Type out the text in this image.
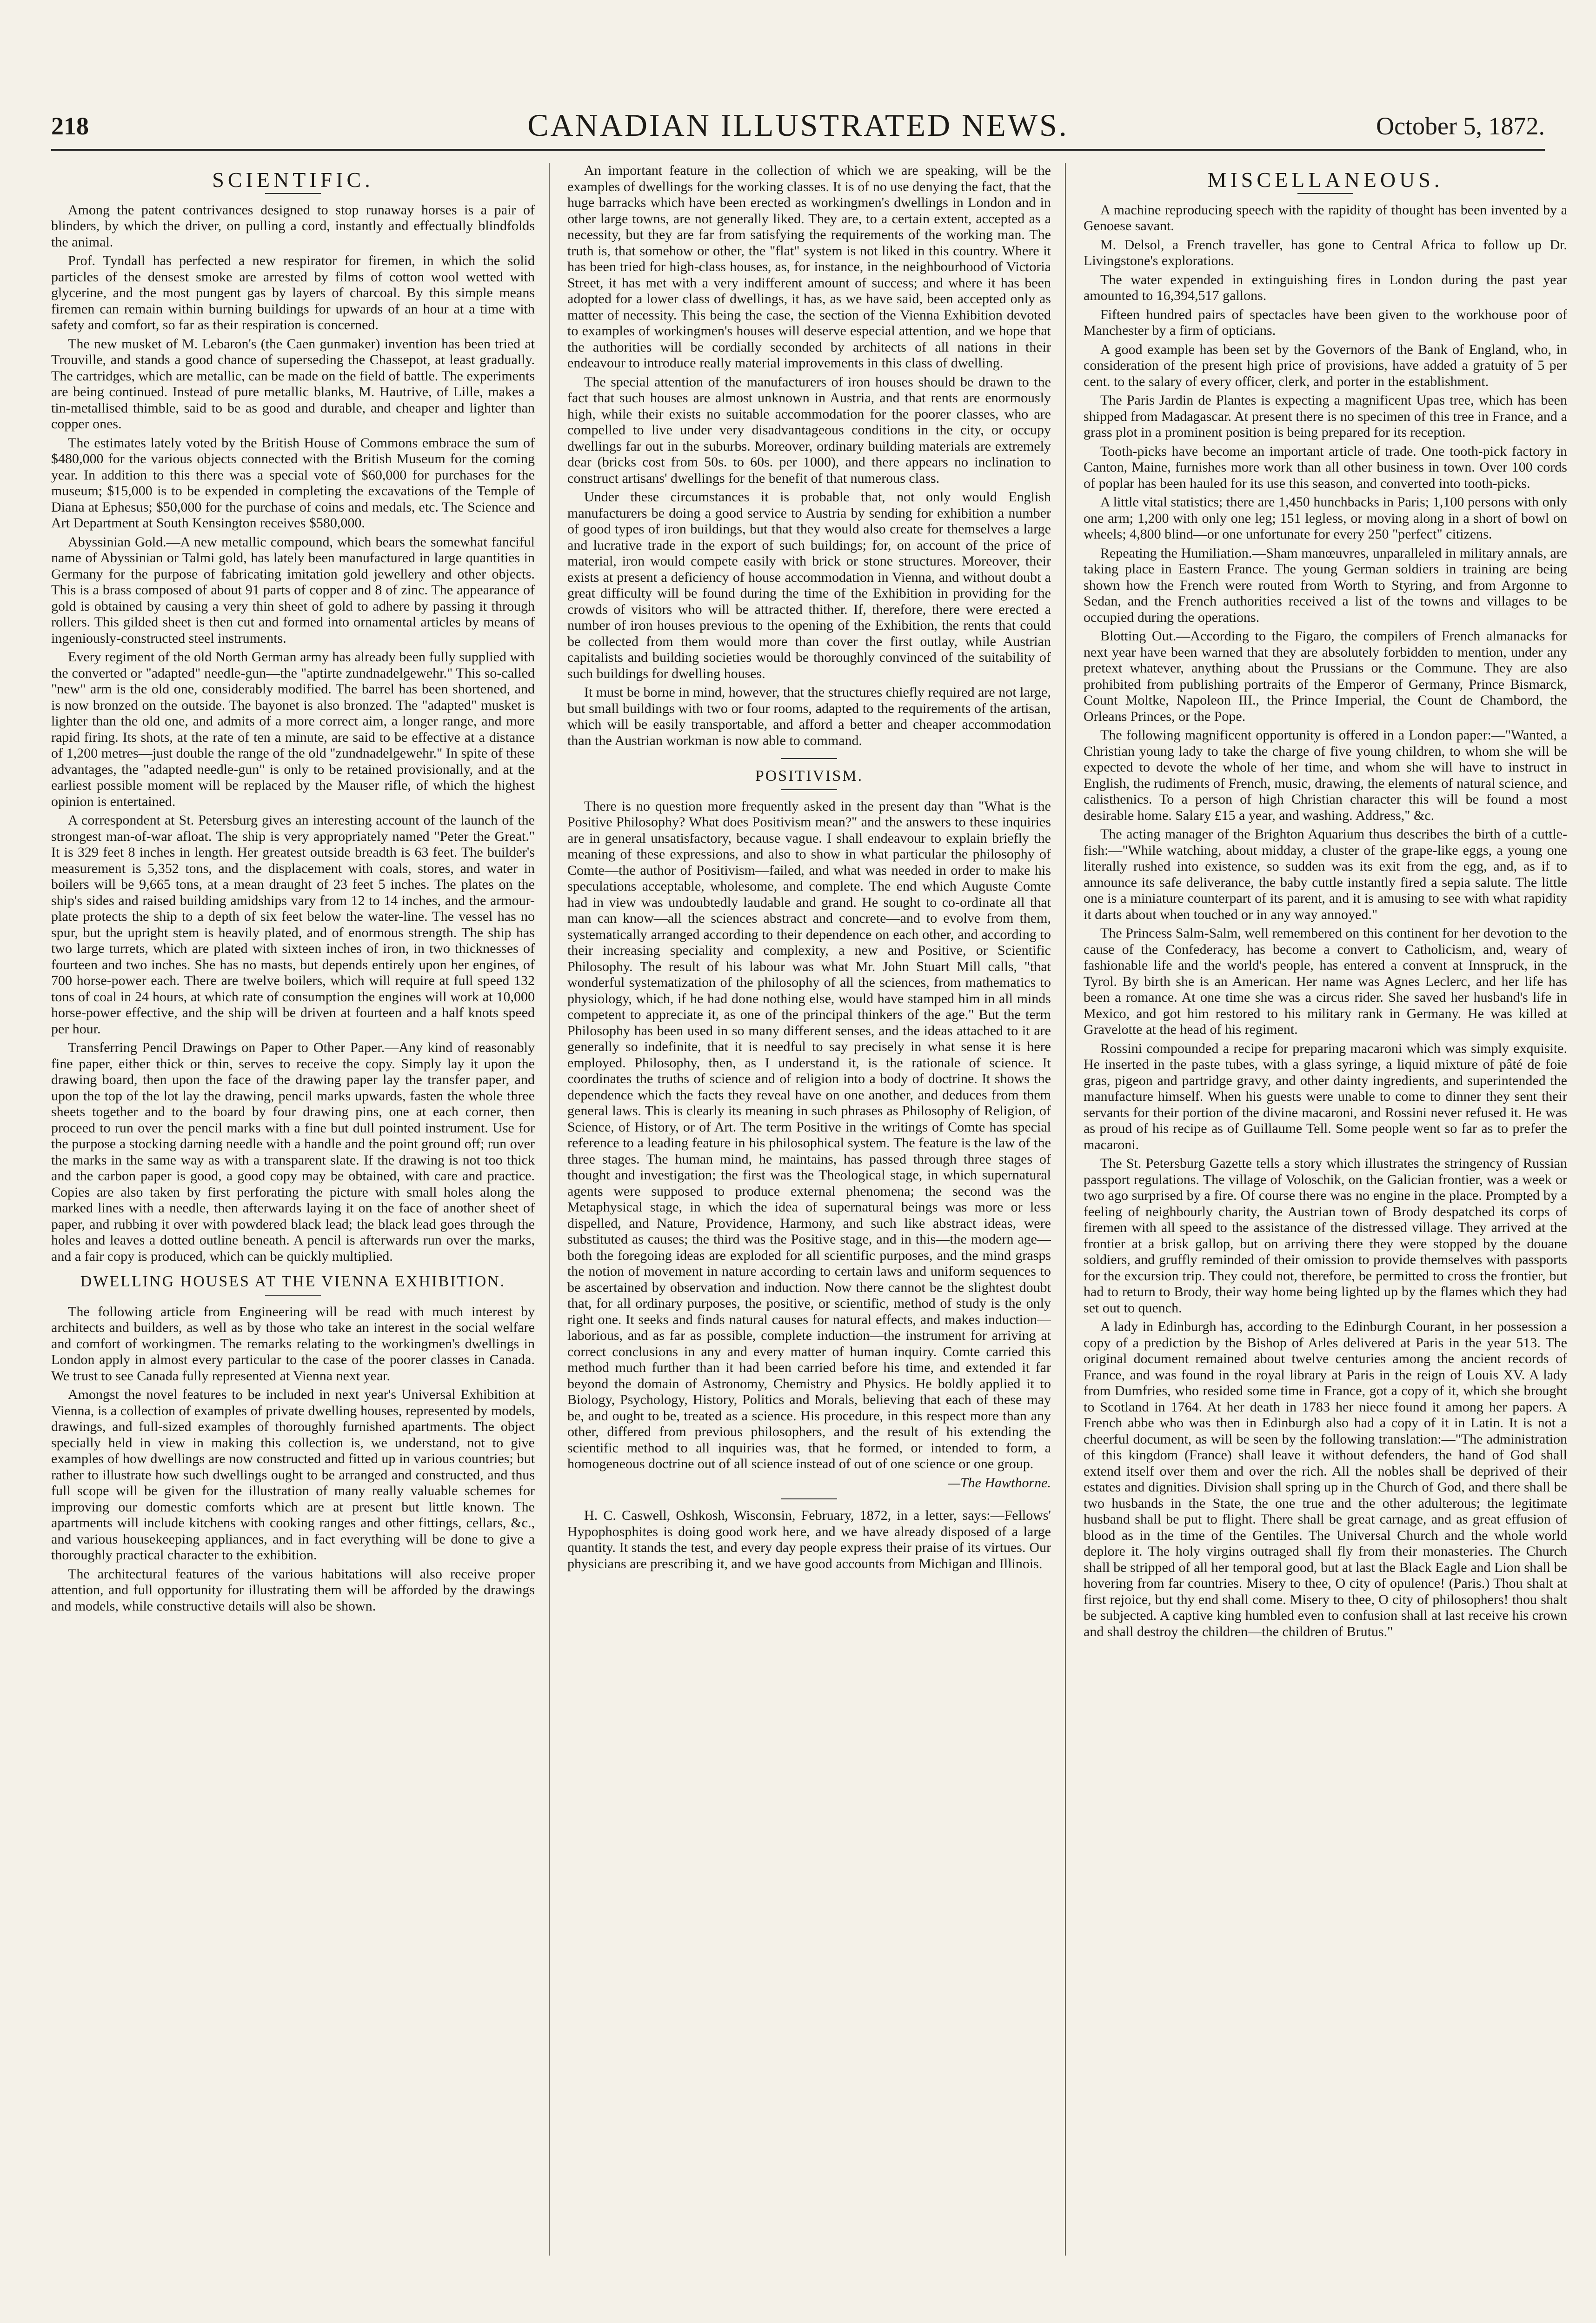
218	CANADIAN ILLUSTRATED NEWS.	October 5, 1872.
SCIENTIFIC.

Among the patent contrivances designed to stop runaway horses is a pair of blinders, by which the driver, on pulling a cord, instantly and effectually blindfolds the animal.

Prof. Tyndall has perfected a new respirator for firemen, in which the solid particles of the densest smoke are arrested by films of cotton wool wetted with glycerine, and the most pungent gas by layers of charcoal. By this simple means firemen can remain within burning buildings for upwards of an hour at a time with safety and comfort, so far as their respiration is concerned.

The new musket of M. Lebaron's (the Caen gunmaker) invention has been tried at Trouville, and stands a good chance of superseding the Chassepot, at least gradually. The cartridges, which are metallic, can be made on the field of battle. The experiments are being continued. Instead of pure metallic blanks, M. Hautrive, of Lille, makes a tin-metallised thimble, said to be as good and durable, and cheaper and lighter than copper ones.

The estimates lately voted by the British House of Commons embrace the sum of $480,000 for the various objects connected with the British Museum for the coming year. In addition to this there was a special vote of $60,000 for purchases for the museum; $15,000 is to be expended in completing the excavations of the Temple of Diana at Ephesus; $50,000 for the purchase of coins and medals, etc. The Science and Art Department at South Kensington receives $580,000.

Abyssinian Gold.—A new metallic compound, which bears the somewhat fanciful name of Abyssinian or Talmi gold, has lately been manufactured in large quantities in Germany for the purpose of fabricating imitation gold jewellery and other objects. This is a brass composed of about 91 parts of copper and 8 of zinc. The appearance of gold is obtained by causing a very thin sheet of gold to adhere by passing it through rollers. This gilded sheet is then cut and formed into ornamental articles by means of ingeniously-constructed steel instruments.

Every regiment of the old North German army has already been fully supplied with the converted or "adapted" needle-gun—the "aptirte zundnadelgewehr." This so-called "new" arm is the old one, considerably modified. The barrel has been shortened, and is now bronzed on the outside. The bayonet is also bronzed. The "adapted" musket is lighter than the old one, and admits of a more correct aim, a longer range, and more rapid firing. Its shots, at the rate of ten a minute, are said to be effective at a distance of 1,200 metres—just double the range of the old "zundnadelgewehr." In spite of these advantages, the "adapted needle-gun" is only to be retained provisionally, and at the earliest possible moment will be replaced by the Mauser rifle, of which the highest opinion is entertained.

A correspondent at St. Petersburg gives an interesting account of the launch of the strongest man-of-war afloat. The ship is very appropriately named "Peter the Great." It is 329 feet 8 inches in length. Her greatest outside breadth is 63 feet. The builder's measurement is 5,352 tons, and the displacement with coals, stores, and water in boilers will be 9,665 tons, at a mean draught of 23 feet 5 inches. The plates on the ship's sides and raised building amidships vary from 12 to 14 inches, and the armour-plate protects the ship to a depth of six feet below the water-line. The vessel has no spur, but the upright stem is heavily plated, and of enormous strength. The ship has two large turrets, which are plated with sixteen inches of iron, in two thicknesses of fourteen and two inches. She has no masts, but depends entirely upon her engines, of 700 horse-power each. There are twelve boilers, which will require at full speed 132 tons of coal in 24 hours, at which rate of consumption the engines will work at 10,000 horse-power effective, and the ship will be driven at fourteen and a half knots speed per hour.

Transferring Pencil Drawings on Paper to Other Paper.—Any kind of reasonably fine paper, either thick or thin, serves to receive the copy. Simply lay it upon the drawing board, then upon the face of the drawing paper lay the transfer paper, and upon the top of the lot lay the drawing, pencil marks upwards, fasten the whole three sheets together and to the board by four drawing pins, one at each corner, then proceed to run over the pencil marks with a fine but dull pointed instrument. Use for the purpose a stocking darning needle with a handle and the point ground off; run over the marks in the same way as with a transparent slate. If the drawing is not too thick and the carbon paper is good, a good copy may be obtained, with care and practice. Copies are also taken by first perforating the picture with small holes along the marked lines with a needle, then afterwards laying it on the face of another sheet of paper, and rubbing it over with powdered black lead; the black lead goes through the holes and leaves a dotted outline beneath. A pencil is afterwards run over the marks, and a fair copy is produced, which can be quickly multiplied.

DWELLING HOUSES AT THE VIENNA EXHIBITION.

The following article from Engineering will be read with much interest by architects and builders, as well as by those who take an interest in the social welfare and comfort of workingmen. The remarks relating to the workingmen's dwellings in London apply in almost every particular to the case of the poorer classes in Canada. We trust to see Canada fully represented at Vienna next year.

Amongst the novel features to be included in next year's Universal Exhibition at Vienna, is a collection of examples of private dwelling houses, represented by models, drawings, and full-sized examples of thoroughly furnished apartments. The object specially held in view in making this collection is, we understand, not to give examples of how dwellings are now constructed and fitted up in various countries; but rather to illustrate how such dwellings ought to be arranged and constructed, and thus full scope will be given for the illustration of many really valuable schemes for improving our domestic comforts which are at present but little known. The apartments will include kitchens with cooking ranges and other fittings, cellars, &c., and various housekeeping appliances, and in fact everything will be done to give a thoroughly practical character to the exhibition.

The architectural features of the various habitations will also receive proper attention, and full opportunity for illustrating them will be afforded by the drawings and models, while constructive details will also be shown.

An important feature in the collection of which we are speaking, will be the examples of dwellings for the working classes. It is of no use denying the fact, that the huge barracks which have been erected as workingmen's dwellings in London and in other large towns, are not generally liked. They are, to a certain extent, accepted as a necessity, but they are far from satisfying the requirements of the working man. The truth is, that somehow or other, the "flat" system is not liked in this country. Where it has been tried for high-class houses, as, for instance, in the neighbourhood of Victoria Street, it has met with a very indifferent amount of success; and where it has been adopted for a lower class of dwellings, it has, as we have said, been accepted only as matter of necessity. This being the case, the section of the Vienna Exhibition devoted to examples of workingmen's houses will deserve especial attention, and we hope that the authorities will be cordially seconded by architects of all nations in their endeavour to introduce really material improvements in this class of dwelling.

The special attention of the manufacturers of iron houses should be drawn to the fact that such houses are almost unknown in Austria, and that rents are enormously high, while their exists no suitable accommodation for the poorer classes, who are compelled to live under very disadvantageous conditions in the city, or occupy dwellings far out in the suburbs. Moreover, ordinary building materials are extremely dear (bricks cost from 50s. to 60s. per 1000), and there appears no inclination to construct artisans' dwellings for the benefit of that numerous class.

Under these circumstances it is probable that, not only would English manufacturers be doing a good service to Austria by sending for exhibition a number of good types of iron buildings, but that they would also create for themselves a large and lucrative trade in the export of such buildings; for, on account of the price of material, iron would compete easily with brick or stone structures. Moreover, their exists at present a deficiency of house accommodation in Vienna, and without doubt a great difficulty will be found during the time of the Exhibition in providing for the crowds of visitors who will be attracted thither. If, therefore, there were erected a number of iron houses previous to the opening of the Exhibition, the rents that could be collected from them would more than cover the first outlay, while Austrian capitalists and building societies would be thoroughly convinced of the suitability of such buildings for dwelling houses.

It must be borne in mind, however, that the structures chiefly required are not large, but small buildings with two or four rooms, adapted to the requirements of the artisan, which will be easily transportable, and afford a better and cheaper accommodation than the Austrian workman is now able to command.

POSITIVISM.

There is no question more frequently asked in the present day than "What is the Positive Philosophy? What does Positivism mean?" and the answers to these inquiries are in general unsatisfactory, because vague. I shall endeavour to explain briefly the meaning of these expressions, and also to show in what particular the philosophy of Comte—the author of Positivism—failed, and what was needed in order to make his speculations acceptable, wholesome, and complete. The end which Auguste Comte had in view was undoubtedly laudable and grand. He sought to co-ordinate all that man can know—all the sciences abstract and concrete—and to evolve from them, systematically arranged according to their dependence on each other, and according to their increasing speciality and complexity, a new and Positive, or Scientific Philosophy. The result of his labour was what Mr. John Stuart Mill calls, "that wonderful systematization of the philosophy of all the sciences, from mathematics to physiology, which, if he had done nothing else, would have stamped him in all minds competent to appreciate it, as one of the principal thinkers of the age." But the term Philosophy has been used in so many different senses, and the ideas attached to it are generally so indefinite, that it is needful to say precisely in what sense it is here employed. Philosophy, then, as I understand it, is the rationale of science. It coordinates the truths of science and of religion into a body of doctrine. It shows the dependence which the facts they reveal have on one another, and deduces from them general laws. This is clearly its meaning in such phrases as Philosophy of Religion, of Science, of History, or of Art. The term Positive in the writings of Comte has special reference to a leading feature in his philosophical system. The feature is the law of the three stages. The human mind, he maintains, has passed through three stages of thought and investigation; the first was the Theological stage, in which supernatural agents were supposed to produce external phenomena; the second was the Metaphysical stage, in which the idea of supernatural beings was more or less dispelled, and Nature, Providence, Harmony, and such like abstract ideas, were substituted as causes; the third was the Positive stage, and in this—the modern age—both the foregoing ideas are exploded for all scientific purposes, and the mind grasps the notion of movement in nature according to certain laws and uniform sequences to be ascertained by observation and induction. Now there cannot be the slightest doubt that, for all ordinary purposes, the positive, or scientific, method of study is the only right one. It seeks and finds natural causes for natural effects, and makes induction—laborious, and as far as possible, complete induction—the instrument for arriving at correct conclusions in any and every matter of human inquiry. Comte carried this method much further than it had been carried before his time, and extended it far beyond the domain of Astronomy, Chemistry and Physics. He boldly applied it to Biology, Psychology, History, Politics and Morals, believing that each of these may be, and ought to be, treated as a science. His procedure, in this respect more than any other, differed from previous philosophers, and the result of his extending the scientific method to all inquiries was, that he formed, or intended to form, a homogeneous doctrine out of all science instead of out of one science or one group.

—The Hawthorne.

H. C. Caswell, Oshkosh, Wisconsin, February, 1872, in a letter, says:—Fellows' Hypophosphites is doing good work here, and we have already disposed of a large quantity. It stands the test, and every day people express their praise of its virtues. Our physicians are prescribing it, and we have good accounts from Michigan and Illinois.

MISCELLANEOUS.

A machine reproducing speech with the rapidity of thought has been invented by a Genoese savant.

M. Delsol, a French traveller, has gone to Central Africa to follow up Dr. Livingstone's explorations.

The water expended in extinguishing fires in London during the past year amounted to 16,394,517 gallons.

Fifteen hundred pairs of spectacles have been given to the workhouse poor of Manchester by a firm of opticians.

A good example has been set by the Governors of the Bank of England, who, in consideration of the present high price of provisions, have added a gratuity of 5 per cent. to the salary of every officer, clerk, and porter in the establishment.

The Paris Jardin de Plantes is expecting a magnificent Upas tree, which has been shipped from Madagascar. At present there is no specimen of this tree in France, and a grass plot in a prominent position is being prepared for its reception.

Tooth-picks have become an important article of trade. One tooth-pick factory in Canton, Maine, furnishes more work than all other business in town. Over 100 cords of poplar has been hauled for its use this season, and converted into tooth-picks.

A little vital statistics; there are 1,450 hunchbacks in Paris; 1,100 persons with only one arm; 1,200 with only one leg; 151 legless, or moving along in a short of bowl on wheels; 4,800 blind—or one unfortunate for every 250 "perfect" citizens.

Repeating the Humiliation.—Sham manœuvres, unparalleled in military annals, are taking place in Eastern France. The young German soldiers in training are being shown how the French were routed from Worth to Styring, and from Argonne to Sedan, and the French authorities received a list of the towns and villages to be occupied during the operations.

Blotting Out.—According to the Figaro, the compilers of French almanacks for next year have been warned that they are absolutely forbidden to mention, under any pretext whatever, anything about the Prussians or the Commune. They are also prohibited from publishing portraits of the Emperor of Germany, Prince Bismarck, Count Moltke, Napoleon III., the Prince Imperial, the Count de Chambord, the Orleans Princes, or the Pope.

The following magnificent opportunity is offered in a London paper:—"Wanted, a Christian young lady to take the charge of five young children, to whom she will be expected to devote the whole of her time, and whom she will have to instruct in English, the rudiments of French, music, drawing, the elements of natural science, and calisthenics. To a person of high Christian character this will be found a most desirable home. Salary £15 a year, and washing. Address," &c.

The acting manager of the Brighton Aquarium thus describes the birth of a cuttle-fish:—"While watching, about midday, a cluster of the grape-like eggs, a young one literally rushed into existence, so sudden was its exit from the egg, and, as if to announce its safe deliverance, the baby cuttle instantly fired a sepia salute. The little one is a miniature counterpart of its parent, and it is amusing to see with what rapidity it darts about when touched or in any way annoyed."

The Princess Salm-Salm, well remembered on this continent for her devotion to the cause of the Confederacy, has become a convert to Catholicism, and, weary of fashionable life and the world's people, has entered a convent at Innspruck, in the Tyrol. By birth she is an American. Her name was Agnes Leclerc, and her life has been a romance. At one time she was a circus rider. She saved her husband's life in Mexico, and got him restored to his military rank in Germany. He was killed at Gravelotte at the head of his regiment.

Rossini compounded a recipe for preparing macaroni which was simply exquisite. He inserted in the paste tubes, with a glass syringe, a liquid mixture of pâté de foie gras, pigeon and partridge gravy, and other dainty ingredients, and superintended the manufacture himself. When his guests were unable to come to dinner they sent their servants for their portion of the divine macaroni, and Rossini never refused it. He was as proud of his recipe as of Guillaume Tell. Some people went so far as to prefer the macaroni.

The St. Petersburg Gazette tells a story which illustrates the stringency of Russian passport regulations. The village of Voloschik, on the Galician frontier, was a week or two ago surprised by a fire. Of course there was no engine in the place. Prompted by a feeling of neighbourly charity, the Austrian town of Brody despatched its corps of firemen with all speed to the assistance of the distressed village. They arrived at the frontier at a brisk gallop, but on arriving there they were stopped by the douane soldiers, and gruffly reminded of their omission to provide themselves with passports for the excursion trip. They could not, therefore, be permitted to cross the frontier, but had to return to Brody, their way home being lighted up by the flames which they had set out to quench.

A lady in Edinburgh has, according to the Edinburgh Courant, in her possession a copy of a prediction by the Bishop of Arles delivered at Paris in the year 513. The original document remained about twelve centuries among the ancient records of France, and was found in the royal library at Paris in the reign of Louis XV. A lady from Dumfries, who resided some time in France, got a copy of it, which she brought to Scotland in 1764. At her death in 1783 her niece found it among her papers. A French abbe who was then in Edinburgh also had a copy of it in Latin. It is not a cheerful document, as will be seen by the following translation:—"The administration of this kingdom (France) shall leave it without defenders, the hand of God shall extend itself over them and over the rich. All the nobles shall be deprived of their estates and dignities. Division shall spring up in the Church of God, and there shall be two husbands in the State, the one true and the other adulterous; the legitimate husband shall be put to flight. There shall be great carnage, and as great effusion of blood as in the time of the Gentiles. The Universal Church and the whole world deplore it. The holy virgins outraged shall fly from their monasteries. The Church shall be stripped of all her temporal good, but at last the Black Eagle and Lion shall be hovering from far countries. Misery to thee, O city of opulence! (Paris.) Thou shalt at first rejoice, but thy end shall come. Misery to thee, O city of philosophers! thou shalt be subjected. A captive king humbled even to confusion shall at last receive his crown and shall destroy the children—the children of Brutus."
